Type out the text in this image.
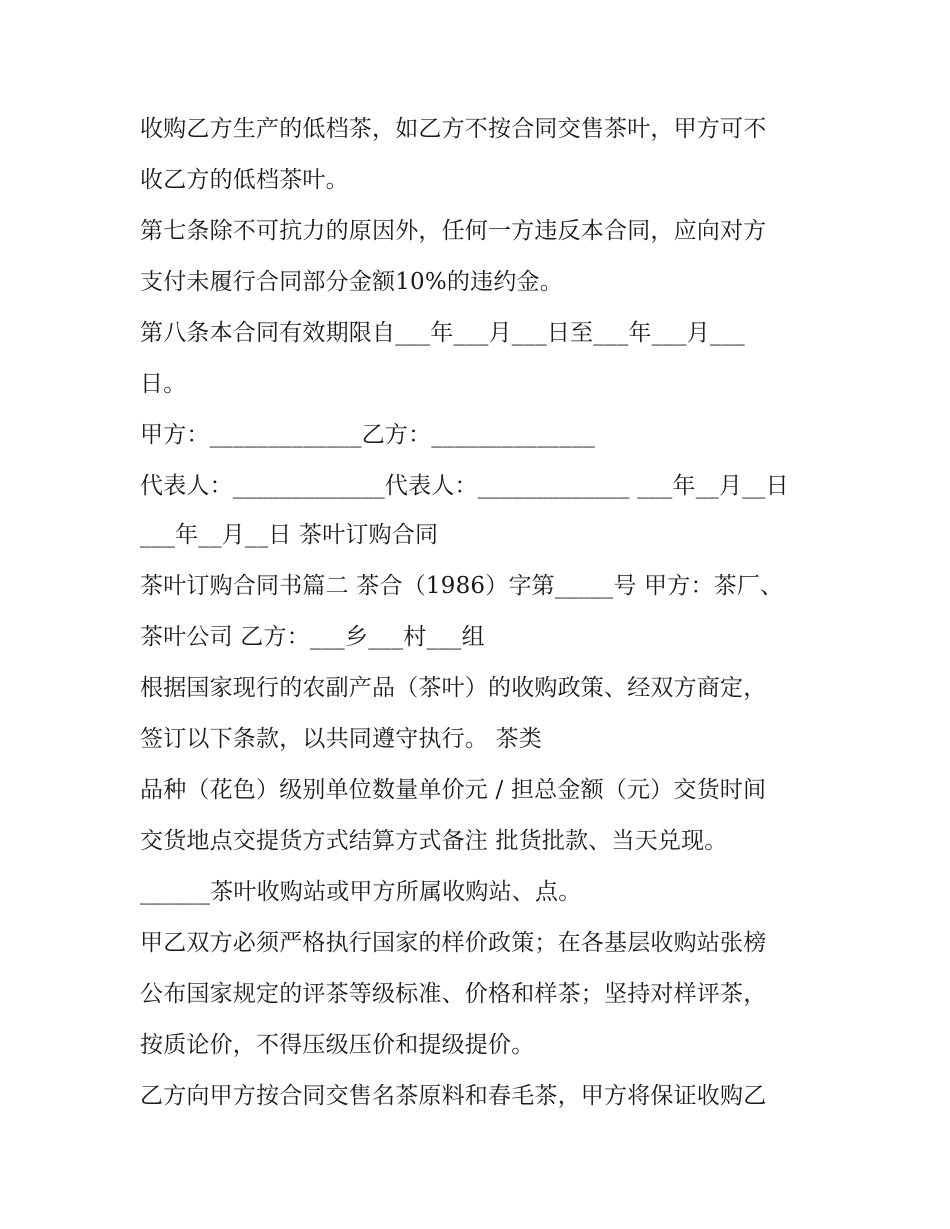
收购乙方生产的低档茶，如乙方不按合同交售茶叶，甲方可不

收乙方的低档茶叶。

第七条除不可抗力的原因外，任何一方违反本合同，应向对方

支付未履行合同部分金额10%的违约金。

第八条本合同有效期限自___年___月___日至___年___月___

日。

甲方：_____________乙方：______________

代表人：_____________代表人：_____________ ___年__月__日

___年__月__日 茶叶订购合同

茶叶订购合同书篇二 茶合（1986）字第_____号 甲方：茶厂、

茶叶公司 乙方：___乡___村___组

根据国家现行的农副产品（茶叶）的收购政策、经双方商定，

签订以下条款，以共同遵守执行。 茶类

品种（花色）级别单位数量单价元 / 担总金额（元）交货时间

交货地点交提货方式结算方式备注 批货批款、当天兑现。

______茶叶收购站或甲方所属收购站、点。

甲乙双方必须严格执行国家的样价政策；在各基层收购站张榜

公布国家规定的评茶等级标准、价格和样茶；坚持对样评茶，

按质论价，不得压级压价和提级提价。

乙方向甲方按合同交售名茶原料和春毛茶，甲方将保证收购乙
